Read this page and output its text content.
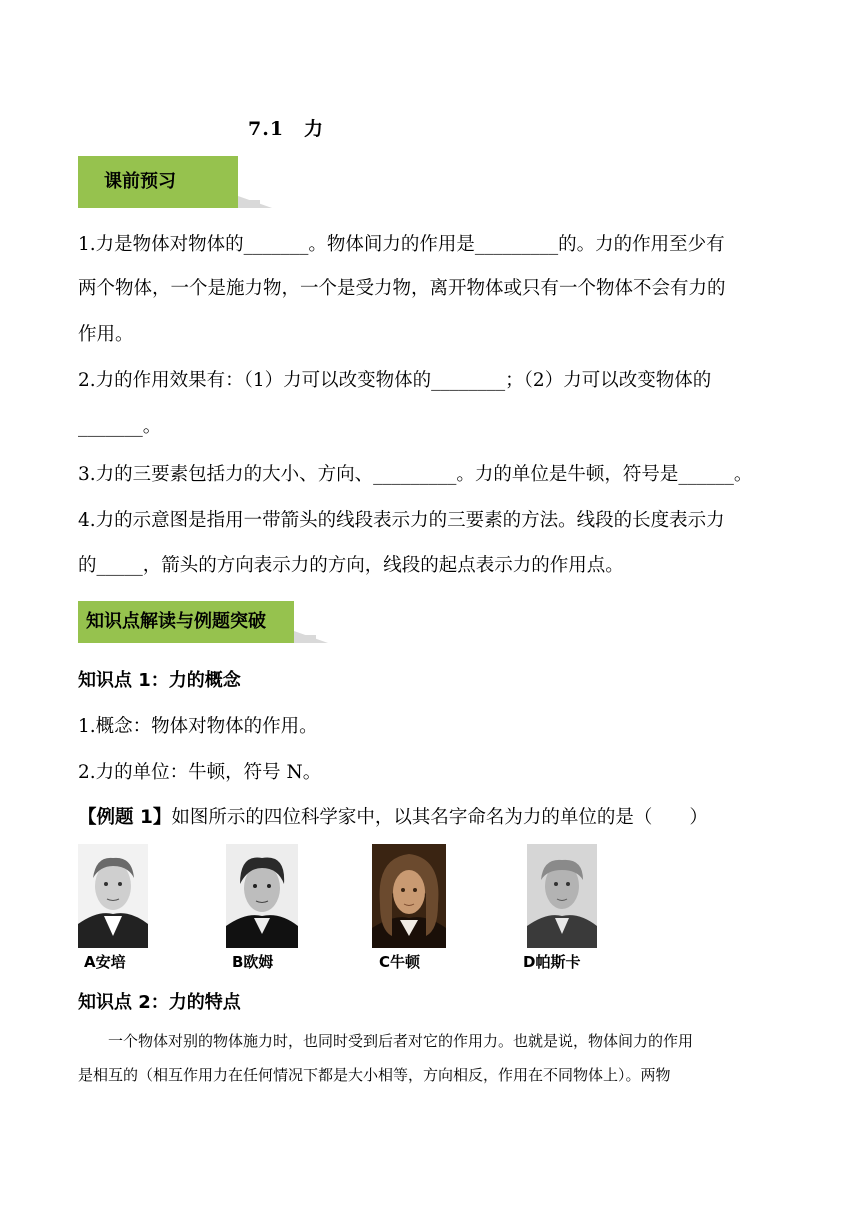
7.1　力
课前预习
1.力是物体对物体的_______。物体间力的作用是_________的。力的作用至少有
两个物体，一个是施力物，一个是受力物，离开物体或只有一个物体不会有力的
作用。
2.力的作用效果有：（1）力可以改变物体的________；（2）力可以改变物体的
_______。
3.力的三要素包括力的大小、方向、_________。力的单位是牛顿，符号是______。
4.力的示意图是指用一带箭头的线段表示力的三要素的方法。线段的长度表示力
的_____，箭头的方向表示力的方向，线段的起点表示力的作用点。
知识点解读与例题突破
知识点 1：力的概念
1.概念：物体对物体的作用。
2.力的单位：牛顿，符号 N。
【例题 1】如图所示的四位科学家中，以其名字命名为力的单位的是（　　）
A安培	B欧姆	C牛顿	D帕斯卡
知识点 2：力的特点
一个物体对别的物体施力时，也同时受到后者对它的作用力。也就是说，物体间力的作用
是相互的（相互作用力在任何情况下都是大小相等，方向相反，作用在不同物体上）。两物
